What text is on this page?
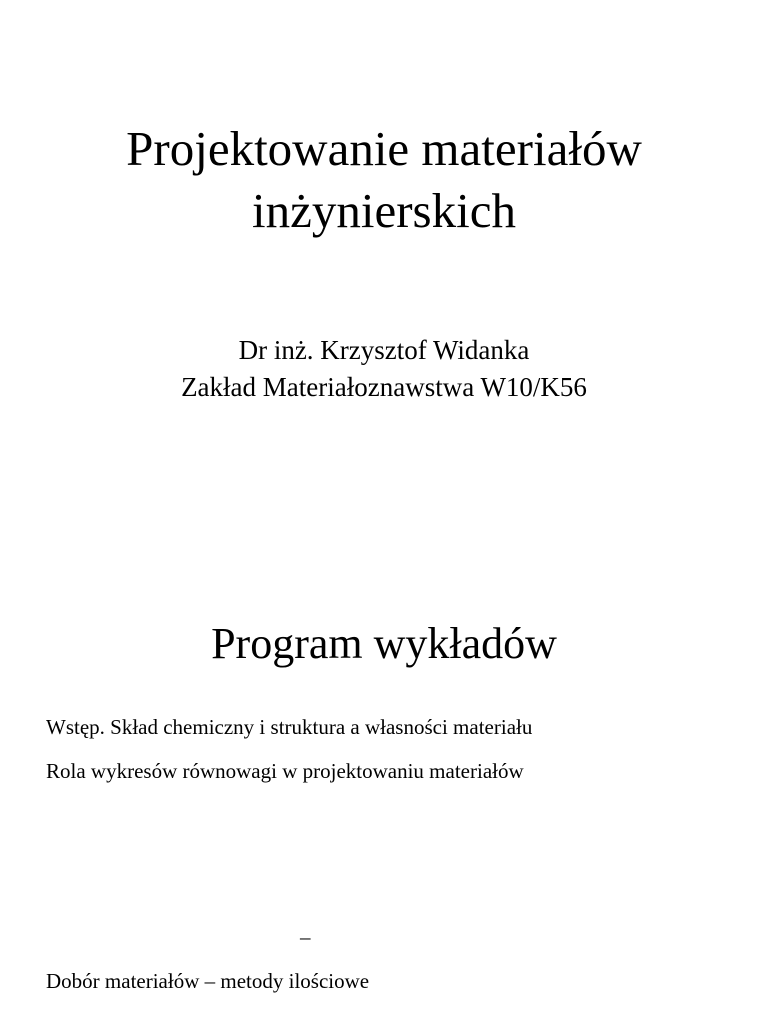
Projektowanie materiałów
inżynierskich
Dr inż. Krzysztof Widanka
Zakład Materiałoznawstwa W10/K56
Program wykładów
Wstęp. Skład chemiczny i struktura a własności materiału
Rola wykresów równowagi w projektowaniu materiałów
–
Dobór materiałów – metody ilościowe
